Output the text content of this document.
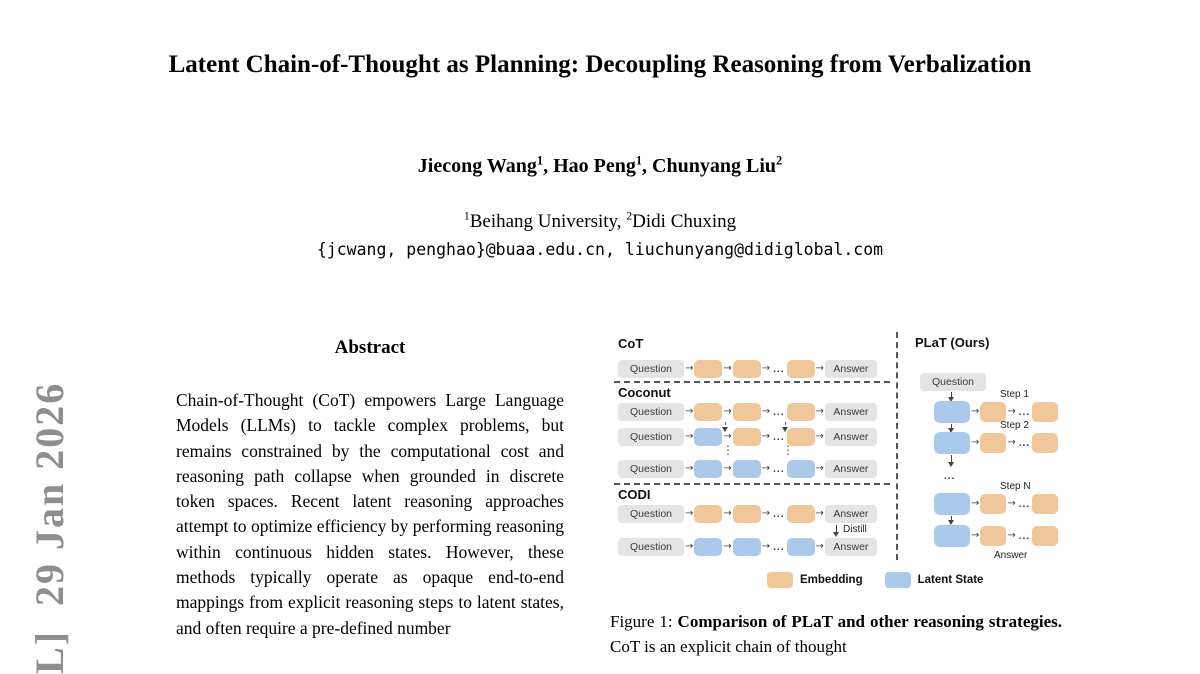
Latent Chain-of-Thought as Planning: Decoupling Reasoning from Verbalization
Jiecong Wang$^1$, Hao Peng$^1$, Chunyang Liu$^2$
$^1$Beihang University, $^2$Didi Chuxing
{jcwang, penghao}@buaa.edu.cn, liuchunyang@didiglobal.com
L]  29 Jan 2026
Abstract
Chain-of-Thought (CoT) empowers Large Language Models (LLMs) to tackle complex problems, but remains constrained by the computational cost and reasoning path collapse when grounded in discrete token spaces. Recent latent reasoning approaches attempt to optimize efficiency by performing reasoning within continuous hidden states. However, these methods typically operate as opaque end-to-end mappings from explicit reasoning steps to latent states, and often require a pre-defined number
CoT
Question → → →	... →	Answer
Coconut
Question → → →	... →	Answer
Question → → →	... →	Answer
⋮
⋮
Question → → →	... →	Answer
CODI
Question → → →	... →	Answer
Distill
Question → → →	... →	Answer
PLaT (Ours)
Question
Step 1
→
→
...
Step 2
→
→
...
...
Step N
→
→
...
→
→
...
Answer
Embedding	Latent State
Figure 1: Comparison of PLaT and other reasoning strategies. CoT is an explicit chain of thought
